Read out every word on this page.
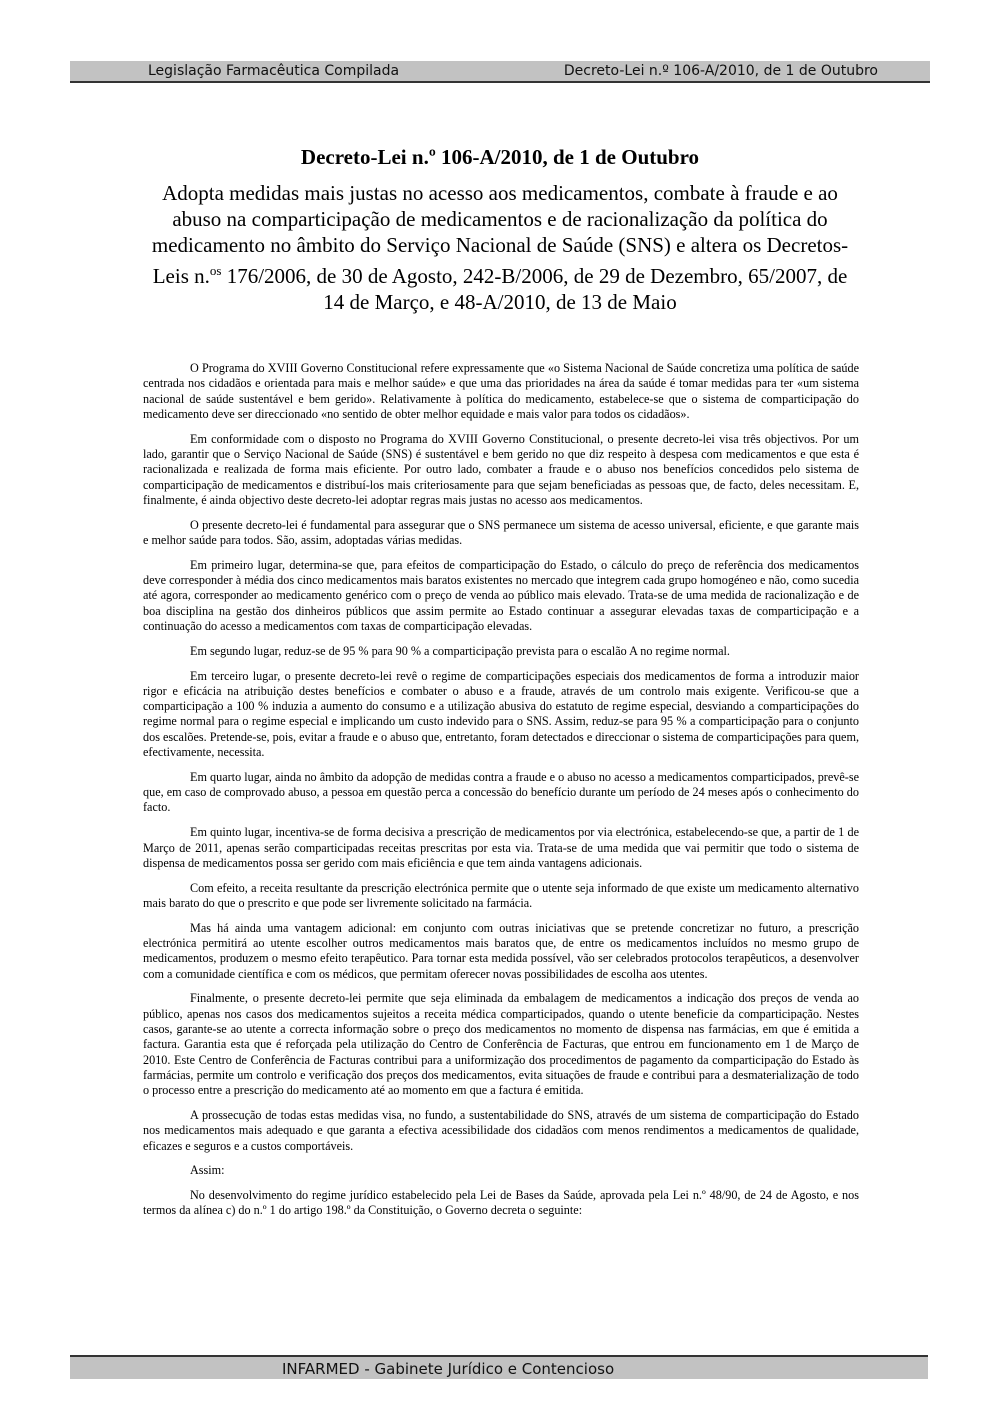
Legislação Farmacêutica Compilada	Decreto-Lei n.º 106-A/2010, de 1 de Outubro
Decreto-Lei n.º 106-A/2010, de 1 de Outubro
Adopta medidas mais justas no acesso aos medicamentos, combate à fraude e ao abuso na comparticipação de medicamentos e de racionalização da política do medicamento no âmbito do Serviço Nacional de Saúde (SNS) e altera os Decretos-Leis n.$^{os}$ 176/2006, de 30 de Agosto, 242-B/2006, de 29 de Dezembro, 65/2007, de 14 de Março, e 48-A/2010, de 13 de Maio

O Programa do XVIII Governo Constitucional refere expressamente que «o Sistema Nacional de Saúde concretiza uma política de saúde centrada nos cidadãos e orientada para mais e melhor saúde» e que uma das prioridades na área da saúde é tomar medidas para ter «um sistema nacional de saúde sustentável e bem gerido». Relativamente à política do medicamento, estabelece-se que o sistema de comparticipação do medicamento deve ser direccionado «no sentido de obter melhor equidade e mais valor para todos os cidadãos».

Em conformidade com o disposto no Programa do XVIII Governo Constitucional, o presente decreto-lei visa três objectivos. Por um lado, garantir que o Serviço Nacional de Saúde (SNS) é sustentável e bem gerido no que diz respeito à despesa com medicamentos e que esta é racionalizada e realizada de forma mais eficiente. Por outro lado, combater a fraude e o abuso nos benefícios concedidos pelo sistema de comparticipação de medicamentos e distribuí-los mais criteriosamente para que sejam beneficiadas as pessoas que, de facto, deles necessitam. E, finalmente, é ainda objectivo deste decreto-lei adoptar regras mais justas no acesso aos medicamentos.

O presente decreto-lei é fundamental para assegurar que o SNS permanece um sistema de acesso universal, eficiente, e que garante mais e melhor saúde para todos. São, assim, adoptadas várias medidas.

Em primeiro lugar, determina-se que, para efeitos de comparticipação do Estado, o cálculo do preço de referência dos medicamentos deve corresponder à média dos cinco medicamentos mais baratos existentes no mercado que integrem cada grupo homogéneo e não, como sucedia até agora, corresponder ao medicamento genérico com o preço de venda ao público mais elevado. Trata-se de uma medida de racionalização e de boa disciplina na gestão dos dinheiros públicos que assim permite ao Estado continuar a assegurar elevadas taxas de comparticipação e a continuação do acesso a medicamentos com taxas de comparticipação elevadas.

Em segundo lugar, reduz-se de 95 % para 90 % a comparticipação prevista para o escalão A no regime normal.

Em terceiro lugar, o presente decreto-lei revê o regime de comparticipações especiais dos medicamentos de forma a introduzir maior rigor e eficácia na atribuição destes benefícios e combater o abuso e a fraude, através de um controlo mais exigente. Verificou-se que a comparticipação a 100 % induzia a aumento do consumo e a utilização abusiva do estatuto de regime especial, desviando a comparticipações do regime normal para o regime especial e implicando um custo indevido para o SNS. Assim, reduz-se para 95 % a comparticipação para o conjunto dos escalões. Pretende-se, pois, evitar a fraude e o abuso que, entretanto, foram detectados e direccionar o sistema de comparticipações para quem, efectivamente, necessita.

Em quarto lugar, ainda no âmbito da adopção de medidas contra a fraude e o abuso no acesso a medicamentos comparticipados, prevê-se que, em caso de comprovado abuso, a pessoa em questão perca a concessão do benefício durante um período de 24 meses após o conhecimento do facto.

Em quinto lugar, incentiva-se de forma decisiva a prescrição de medicamentos por via electrónica, estabelecendo-se que, a partir de 1 de Março de 2011, apenas serão comparticipadas receitas prescritas por esta via. Trata-se de uma medida que vai permitir que todo o sistema de dispensa de medicamentos possa ser gerido com mais eficiência e que tem ainda vantagens adicionais.

Com efeito, a receita resultante da prescrição electrónica permite que o utente seja informado de que existe um medicamento alternativo mais barato do que o prescrito e que pode ser livremente solicitado na farmácia.

Mas há ainda uma vantagem adicional: em conjunto com outras iniciativas que se pretende concretizar no futuro, a prescrição electrónica permitirá ao utente escolher outros medicamentos mais baratos que, de entre os medicamentos incluídos no mesmo grupo de medicamentos, produzem o mesmo efeito terapêutico. Para tornar esta medida possível, vão ser celebrados protocolos terapêuticos, a desenvolver com a comunidade científica e com os médicos, que permitam oferecer novas possibilidades de escolha aos utentes.

Finalmente, o presente decreto-lei permite que seja eliminada da embalagem de medicamentos a indicação dos preços de venda ao público, apenas nos casos dos medicamentos sujeitos a receita médica comparticipados, quando o utente beneficie da comparticipação. Nestes casos, garante-se ao utente a correcta informação sobre o preço dos medicamentos no momento de dispensa nas farmácias, em que é emitida a factura. Garantia esta que é reforçada pela utilização do Centro de Conferência de Facturas, que entrou em funcionamento em 1 de Março de 2010. Este Centro de Conferência de Facturas contribui para a uniformização dos procedimentos de pagamento da comparticipação do Estado às farmácias, permite um controlo e verificação dos preços dos medicamentos, evita situações de fraude e contribui para a desmaterialização de todo o processo entre a prescrição do medicamento até ao momento em que a factura é emitida.

A prossecução de todas estas medidas visa, no fundo, a sustentabilidade do SNS, através de um sistema de comparticipação do Estado nos medicamentos mais adequado e que garanta a efectiva acessibilidade dos cidadãos com menos rendimentos a medicamentos de qualidade, eficazes e seguros e a custos comportáveis.

Assim:

No desenvolvimento do regime jurídico estabelecido pela Lei de Bases da Saúde, aprovada pela Lei n.º 48/90, de 24 de Agosto, e nos termos da alínea c) do n.º 1 do artigo 198.º da Constituição, o Governo decreta o seguinte:

INFARMED - Gabinete Jurídico e Contencioso
